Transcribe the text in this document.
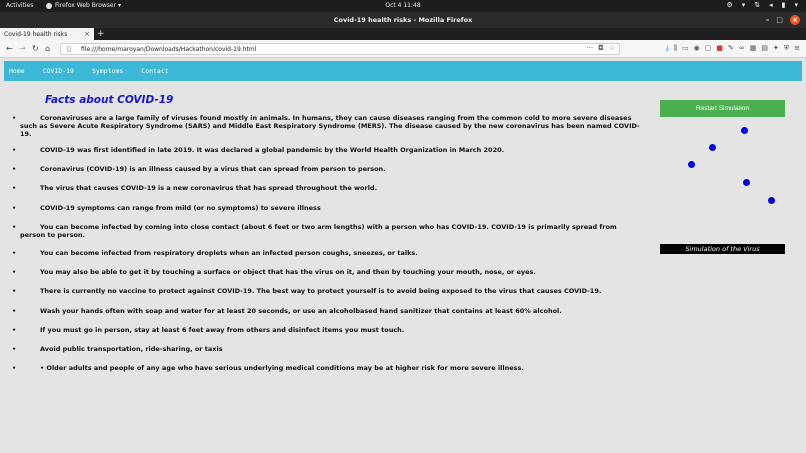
Activities	Firefox Web Browser ▾	Oct 4 11:48	⚙ ▾ ⇅ ◂ ▮ ▾
Covid-19 health risks - Mozilla Firefox	– □ ×
Covid-19 health risks × +
← → ↻ ⌂ ▯ file:///home/maroyan/Downloads/Hackathon/covid-19.html	··· ◘ ☆	⤓ ⫼ ▭ ◉ ▢ ■ ✎ ∞ ▦ ▤ ✦ ⛨ ≡
Home	COVID-19	Symptoms	Contact
Facts about COVID-19
•	Coronaviruses are a large family of viruses found mostly in animals. In humans, they can cause diseases ranging from the common cold to more severe diseases such as Severe Acute Respiratory Syndrome (SARS) and Middle East Respiratory Syndrome (MERS). The disease caused by the new coronavirus has been named COVID-19.
•	COVID-19 was first identified in late 2019. It was declared a global pandemic by the World Health Organization in March 2020.
•	Coronavirus (COVID-19) is an illness caused by a virus that can spread from person to person.
•	The virus that causes COVID-19 is a new coronavirus that has spread throughout the world.
•	COVID-19 symptoms can range from mild (or no symptoms) to severe illness
•	You can become infected by coming into close contact (about 6 feet or two arm lengths) with a person who has COVID-19. COVID-19 is primarily spread from person to person.
•	You can become infected from respiratory droplets when an infected person coughs, sneezes, or talks.
•	You may also be able to get it by touching a surface or object that has the virus on it, and then by touching your mouth, nose, or eyes.
•	There is currently no vaccine to protect against COVID-19. The best way to protect yourself is to avoid being exposed to the virus that causes COVID-19.
•	Wash your hands often with soap and water for at least 20 seconds, or use an alcoholbased hand sanitizer that contains at least 60% alcohol.
•	If you must go in person, stay at least 6 feet away from others and disinfect items you must touch.
•	Avoid public transportation, ride-sharing, or taxis
•	• Older adults and people of any age who have serious underlying medical conditions may be at higher risk for more severe illness.
Restart Simulation
Simulation of the Virus
